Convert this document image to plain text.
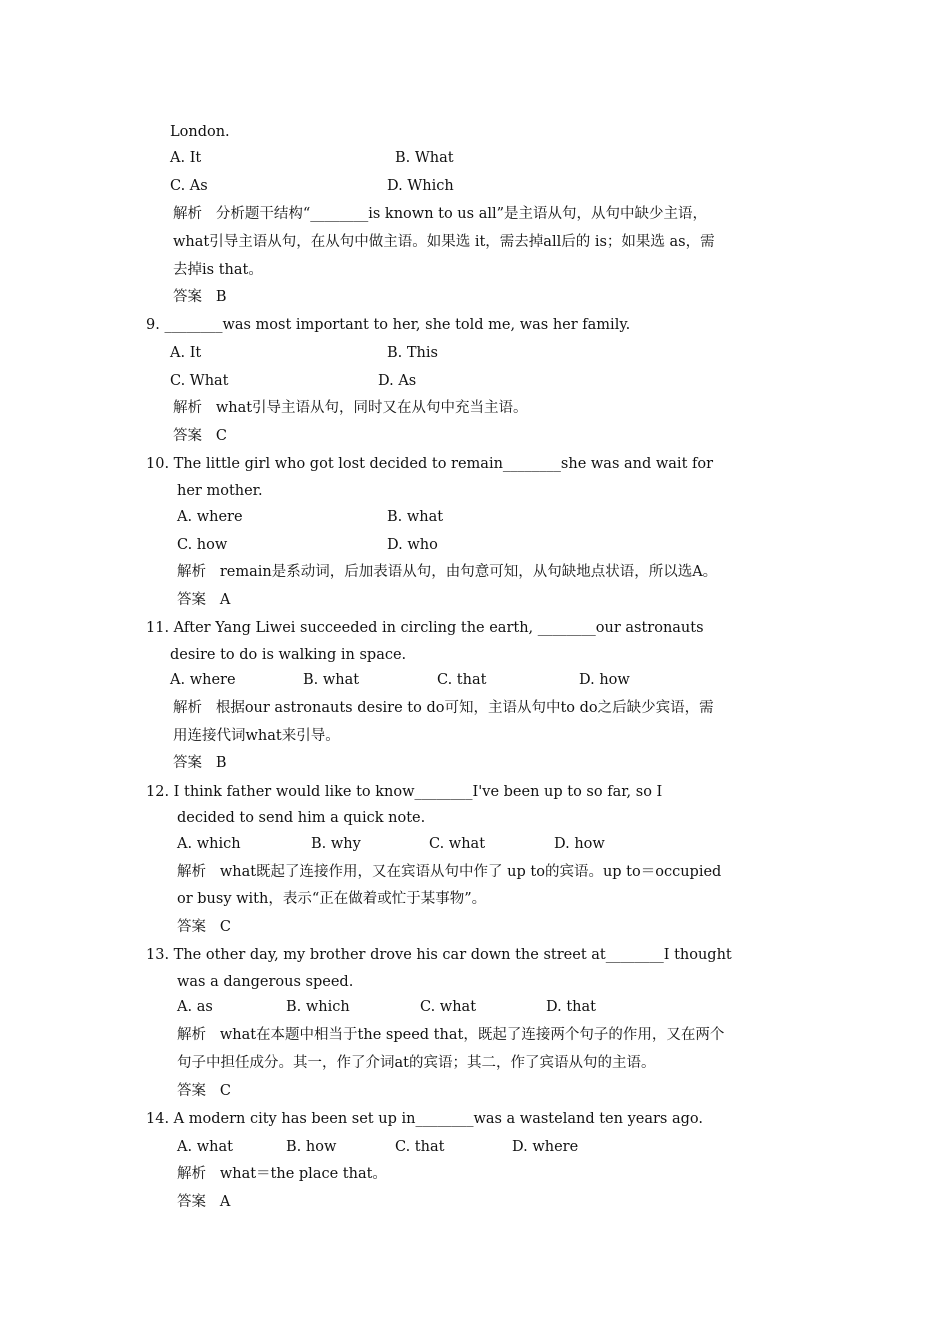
London.
A. It	B. What
C. As	D. Which
解析   分析题干结构“________is known to us all”是主语从句，从句中缺少主语，
what引导主语从句，在从句中做主语。如果选 it，需去掉all后的 is；如果选 as，需
去掉is that。
答案   B
9. ________was most important to her, she told me, was her family.
A. It	B. This
C. What	D. As
解析   what引导主语从句，同时又在从句中充当主语。
答案   C
10. The little girl who got lost decided to remain________she was and wait for
her mother.
A. where	B. what
C. how	D. who
解析   remain是系动词，后加表语从句，由句意可知，从句缺地点状语，所以选A。
答案   A
11. After Yang Liwei succeeded in circling the earth, ________our astronauts
desire to do is walking in space.
A. where	B. what	C. that	D. how
解析   根据our astronauts desire to do可知，主语从句中to do之后缺少宾语，需
用连接代词what来引导。
答案   B
12. I think father would like to know________I've been up to so far, so I
decided to send him a quick note.
A. which	B. why	C. what	D. how
解析   what既起了连接作用，又在宾语从句中作了 up to的宾语。up to＝occupied
or busy with，表示“正在做着或忙于某事物”。
答案   C
13. The other day, my brother drove his car down the street at________I thought
was a dangerous speed.
A. as	B. which	C. what	D. that
解析   what在本题中相当于the speed that，既起了连接两个句子的作用，又在两个
句子中担任成分。其一，作了介词at的宾语；其二，作了宾语从句的主语。
答案   C
14. A modern city has been set up in________was a wasteland ten years ago.
A. what	B. how	C. that	D. where
解析   what＝the place that。
答案   A
